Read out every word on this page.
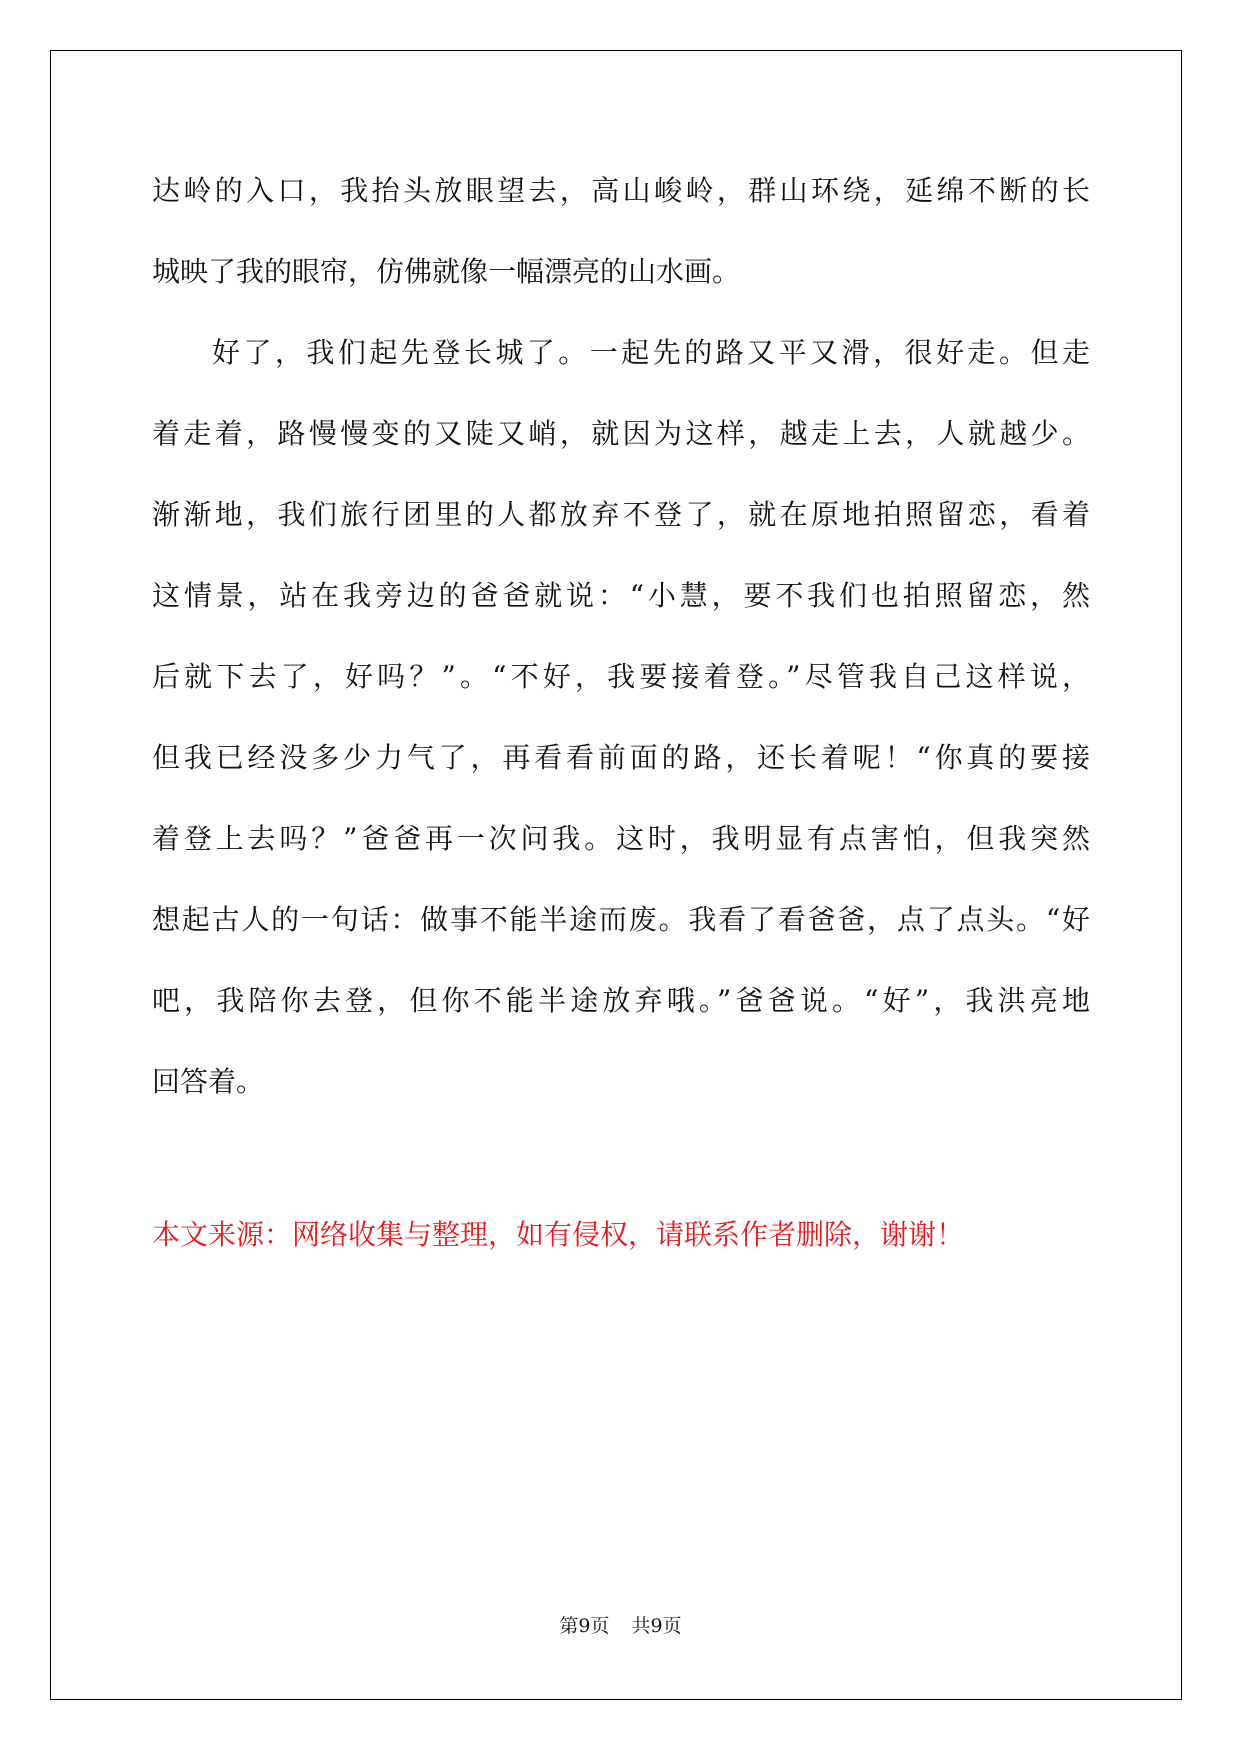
达岭的入口，我抬头放眼望去，高山峻岭，群山环绕，延绵不断的长
城映了我的眼帘，仿佛就像一幅漂亮的山水画。
好了，我们起先登长城了。一起先的路又平又滑，很好走。但走
着走着，路慢慢变的又陡又峭，就因为这样，越走上去，人就越少。
渐渐地，我们旅行团里的人都放弃不登了，就在原地拍照留恋，看着
这情景，站在我旁边的爸爸就说：“小慧，要不我们也拍照留恋，然
后就下去了，好吗？”。“不好，我要接着登。”尽管我自己这样说，
但我已经没多少力气了，再看看前面的路，还长着呢！“你真的要接
着登上去吗？”爸爸再一次问我。这时，我明显有点害怕，但我突然
想起古人的一句话：做事不能半途而废。我看了看爸爸，点了点头。“好
吧，我陪你去登，但你不能半途放弃哦。”爸爸说。“好”，我洪亮地
回答着。
本文来源：网络收集与整理，如有侵权，请联系作者删除，谢谢！
第9页 共9页
